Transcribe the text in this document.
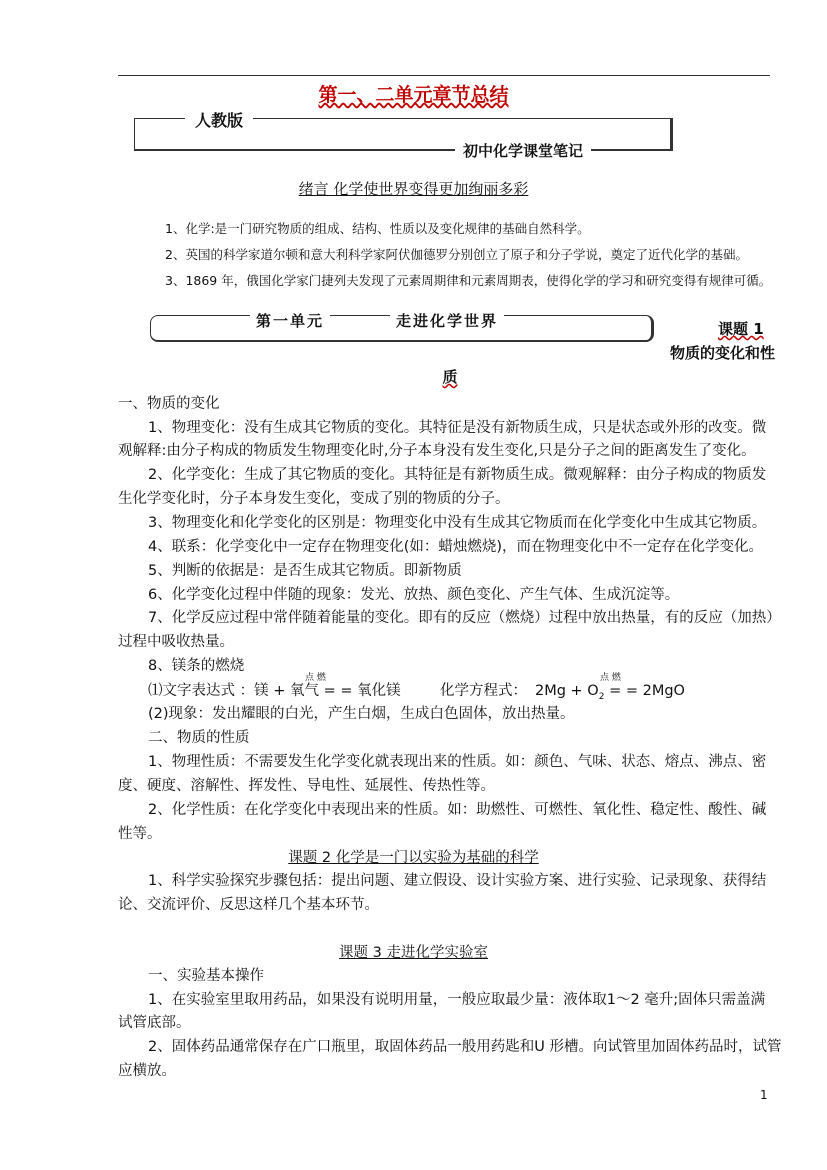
第一、二单元章节总结
人教版
初中化学课堂笔记
绪言 化学使世界变得更加绚丽多彩
1、化学:是一门研究物质的组成、结构、性质以及变化规律的基础自然科学。
2、英国的科学家道尔顿和意大利科学家阿伏伽德罗分别创立了原子和分子学说，奠定了近代化学的基础。
3、1869 年，俄国化学家门捷列夫发现了元素周期律和元素周期表，使得化学的学习和研究变得有规律可循。
第一单元	走进化学世界	课题 1
物质的变化和性
质
一、物质的变化
1、物理变化：没有生成其它物质的变化。其特征是没有新物质生成，只是状态或外形的改变。微
观解释:由分子构成的物质发生物理变化时,分子本身没有发生变化,只是分子之间的距离发生了变化。
2、化学变化：生成了其它物质的变化。其特征是有新物质生成。微观解释：由分子构成的物质发
生化学变化时，分子本身发生变化，变成了别的物质的分子。
3、物理变化和化学变化的区别是：物理变化中没有生成其它物质而在化学变化中生成其它物质。
4、联系：化学变化中一定存在物理变化(如：蜡烛燃烧)，而在物理变化中不一定存在化学变化。
5、判断的依据是：是否生成其它物质。即新物质
6、化学变化过程中伴随的现象：发光、放热、颜色变化、产生气体、生成沉淀等。
7、化学反应过程中常伴随着能量的变化。即有的反应（燃烧）过程中放出热量，有的反应（加热）
过程中吸收热量。
8、镁条的燃烧
点 燃	点 燃
⑴文字表达式 ：镁 + 氧气 = = 氧化镁	化学方程式： $2Mg + O_2$ = = 2MgO
(2)现象：发出耀眼的白光，产生白烟，生成白色固体，放出热量。
二、物质的性质
1、物理性质：不需要发生化学变化就表现出来的性质。如：颜色、气味、状态、熔点、沸点、密
度、硬度、溶解性、挥发性、导电性、延展性、传热性等。
2、化学性质：在化学变化中表现出来的性质。如：助燃性、可燃性、氧化性、稳定性、酸性、碱
性等。
课题 2 化学是一门以实验为基础的科学
1、科学实验探究步骤包括：提出问题、建立假设、设计实验方案、进行实验、记录现象、获得结
论、交流评价、反思这样几个基本环节。
课题 3 走进化学实验室
一、实验基本操作
1、在实验室里取用药品，如果没有说明用量，一般应取最少量：液体取1～2 毫升;固体只需盖满
试管底部。
2、固体药品通常保存在广口瓶里，取固体药品一般用药匙和U 形槽。向试管里加固体药品时，试管
应横放。
1
